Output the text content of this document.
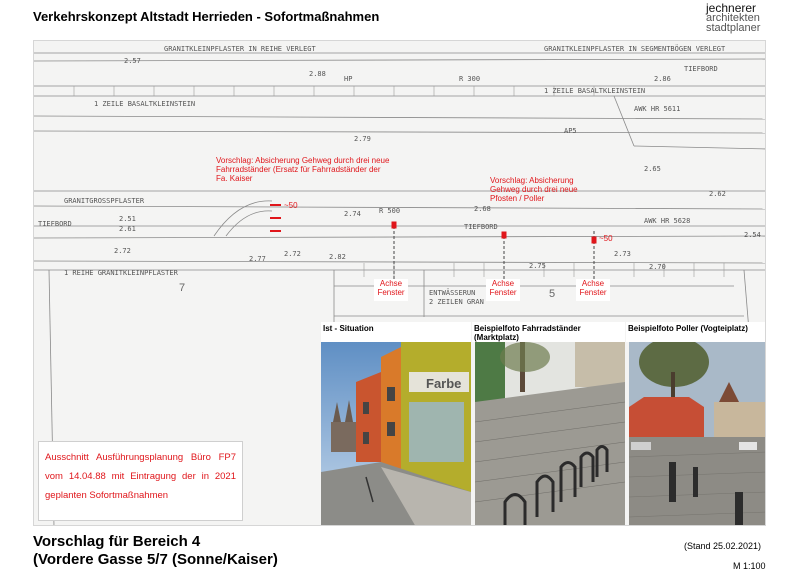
Verkehrskonzept Altstadt Herrieden - Sofortmaßnahmen
jechnerer
architekten
stadtplaner
GRANITKLEINPFLASTER IN REIHE VERLEGT	GRANITKLEINPFLASTER IN SEGMENTBÖGEN VERLEGT
1 ZEILE BASALTKLEINSTEIN
1 ZEILE BASALTKLEINSTEIN
GRANITGROSSPFLASTER
TIEFBORD	TIEFBORD
TIEFBORD
1 REIHE GRANITKLEINPFLASTER
ENTWÄSSERUN
2 ZEILEN GRAN
AP5
AWK HR 5611
AWK HR 5628
R 300
R 500
HP
7	5
2.57
2.51
2.61
2.72
2.77	2.82
2.88
2.79
2.65
2.72	2.73
2.86
2.62
2.68
2.75
2.74
2.54
2.70
Vorschlag: Absicherung Gehweg durch drei neue Fahrradständer (Ersatz für Fahrradständer der Fa. Kaiser	Vorschlag: Absicherung Gehweg durch drei neue Pfosten / Poller
~50
~50
Achse Fenster
Achse Fenster
Achse Fenster
Ist - Situation	Beispielfoto Fahrradständer (Marktplatz)
Beispielfoto Poller (Vogteiplatz)
Farbe
Ausschnitt Ausführungsplanung Büro FP7 vom 14.04.88 mit Eintragung der in 2021 geplanten Sofortmaßnahmen
Vorschlag für Bereich 4
(Vordere Gasse 5/7 (Sonne/Kaiser)
(Stand 25.02.2021)
M 1:100
